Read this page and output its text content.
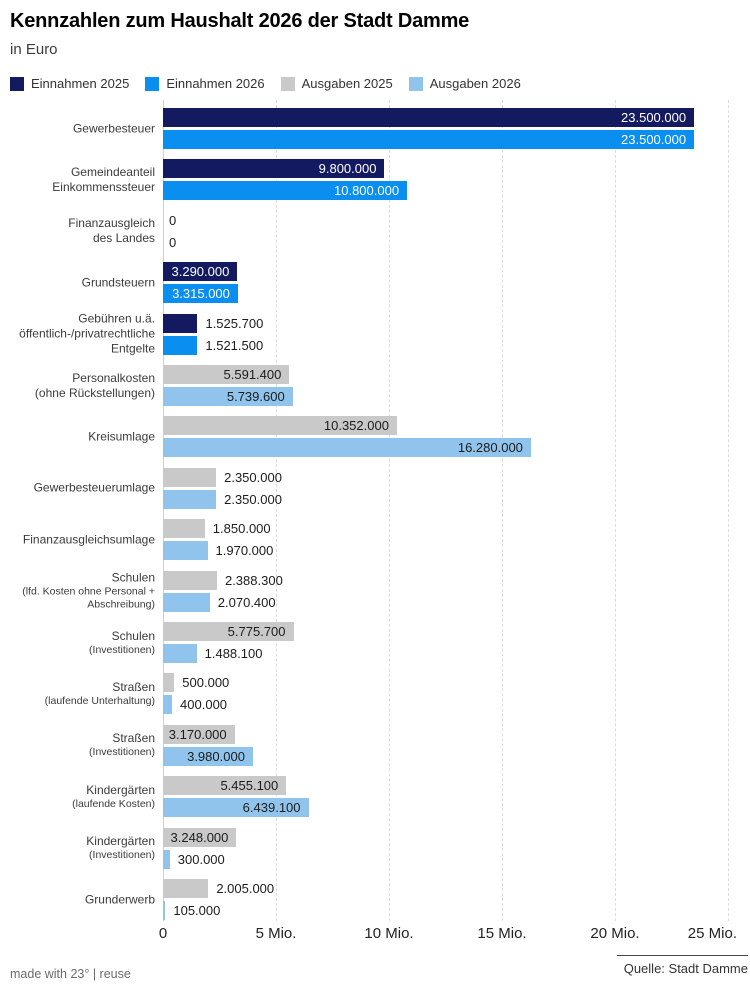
Kennzahlen zum Haushalt 2026 der Stadt Damme
in Euro
Einnahmen 2025	Einnahmen 2026	Ausgaben 2025	Ausgaben 2026
Gewerbesteuer
23.500.000
23.500.000
Gemeindeanteil
Einkommenssteuer
9.800.000
10.800.000
Finanzausgleich
des Landes
0
0
Grundsteuern
3.290.000
3.315.000
Gebühren u.ä.
öffentlich-/privatrechtliche
Entgelte
1.525.700
1.521.500
Personalkosten
(ohne Rückstellungen)
5.591.400
5.739.600
Kreisumlage
10.352.000
16.280.000
Gewerbesteuerumlage
2.350.000
2.350.000
Finanzausgleichsumlage
1.850.000
1.970.000
Schulen
(lfd. Kosten ohne Personal +
Abschreibung)
2.388.300
2.070.400
Schulen
(Investitionen)
5.775.700
1.488.100
Straßen
(laufende Unterhaltung)
500.000
400.000
Straßen
(Investitionen)
3.170.000
3.980.000
Kindergärten
(laufende Kosten)
5.455.100
6.439.100
Kindergärten
(Investitionen)
3.248.000
300.000
Grunderwerb
2.005.000
105.000
0	5 Mio.	10 Mio.	15 Mio.	20 Mio.	25 Mio.
made with 23° | reuse	Quelle: Stadt Damme
